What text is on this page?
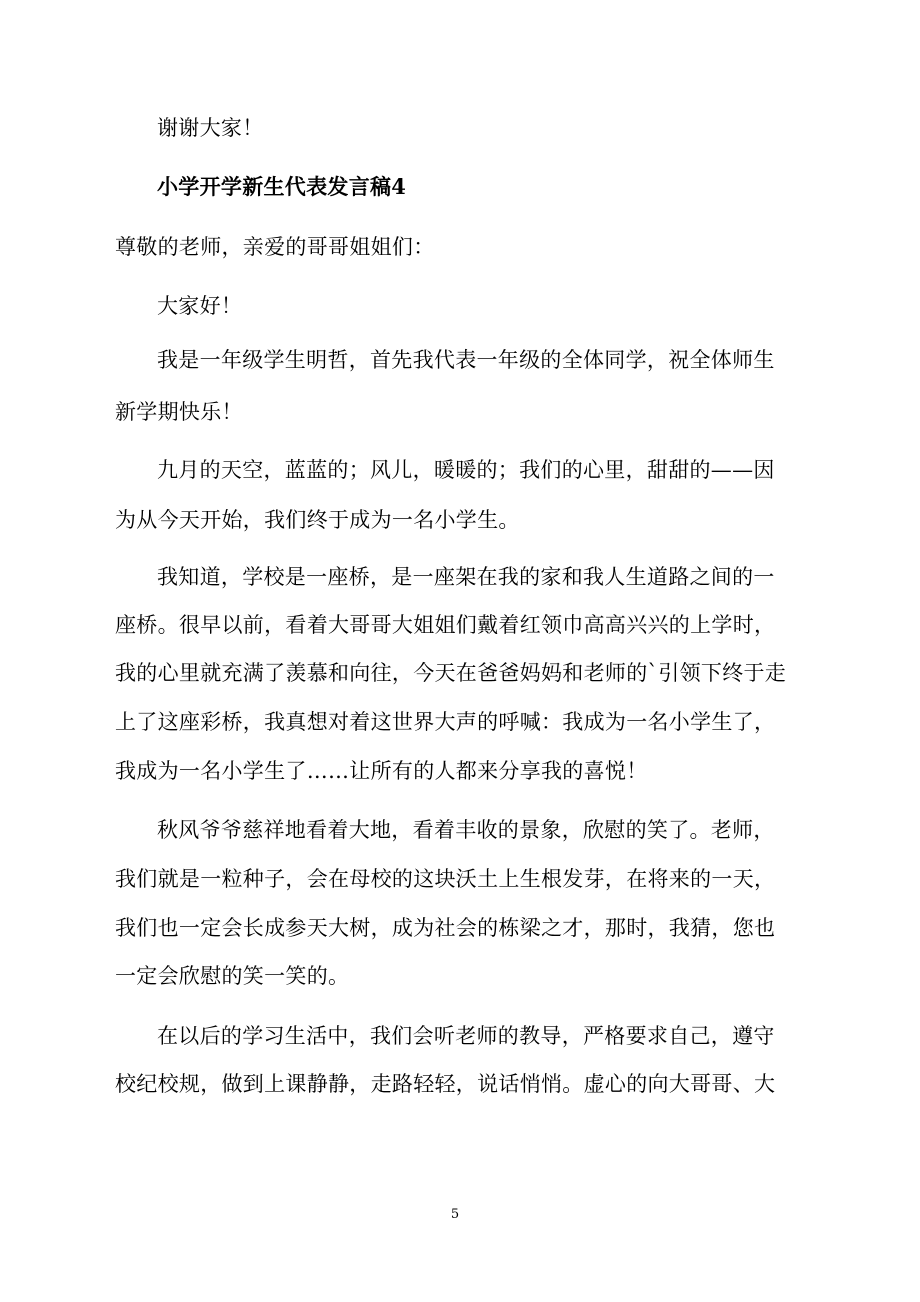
谢谢大家！
小学开学新生代表发言稿4
尊敬的老师，亲爱的哥哥姐姐们：
大家好！
我是一年级学生明哲，首先我代表一年级的全体同学，祝全体师生
新学期快乐！
九月的天空，蓝蓝的；风儿，暖暖的；我们的心里，甜甜的——因
为从今天开始，我们终于成为一名小学生。
我知道，学校是一座桥，是一座架在我的家和我人生道路之间的一
座桥。很早以前，看着大哥哥大姐姐们戴着红领巾高高兴兴的上学时，
我的心里就充满了羡慕和向往，今天在爸爸妈妈和老师的`引领下终于走
上了这座彩桥，我真想对着这世界大声的呼喊：我成为一名小学生了，
我成为一名小学生了……让所有的人都来分享我的喜悦！
秋风爷爷慈祥地看着大地，看着丰收的景象，欣慰的笑了。老师，
我们就是一粒种子，会在母校的这块沃土上生根发芽，在将来的一天，
我们也一定会长成参天大树，成为社会的栋梁之才，那时，我猜，您也
一定会欣慰的笑一笑的。
在以后的学习生活中，我们会听老师的教导，严格要求自己，遵守
校纪校规，做到上课静静，走路轻轻，说话悄悄。虚心的向大哥哥、大
5
